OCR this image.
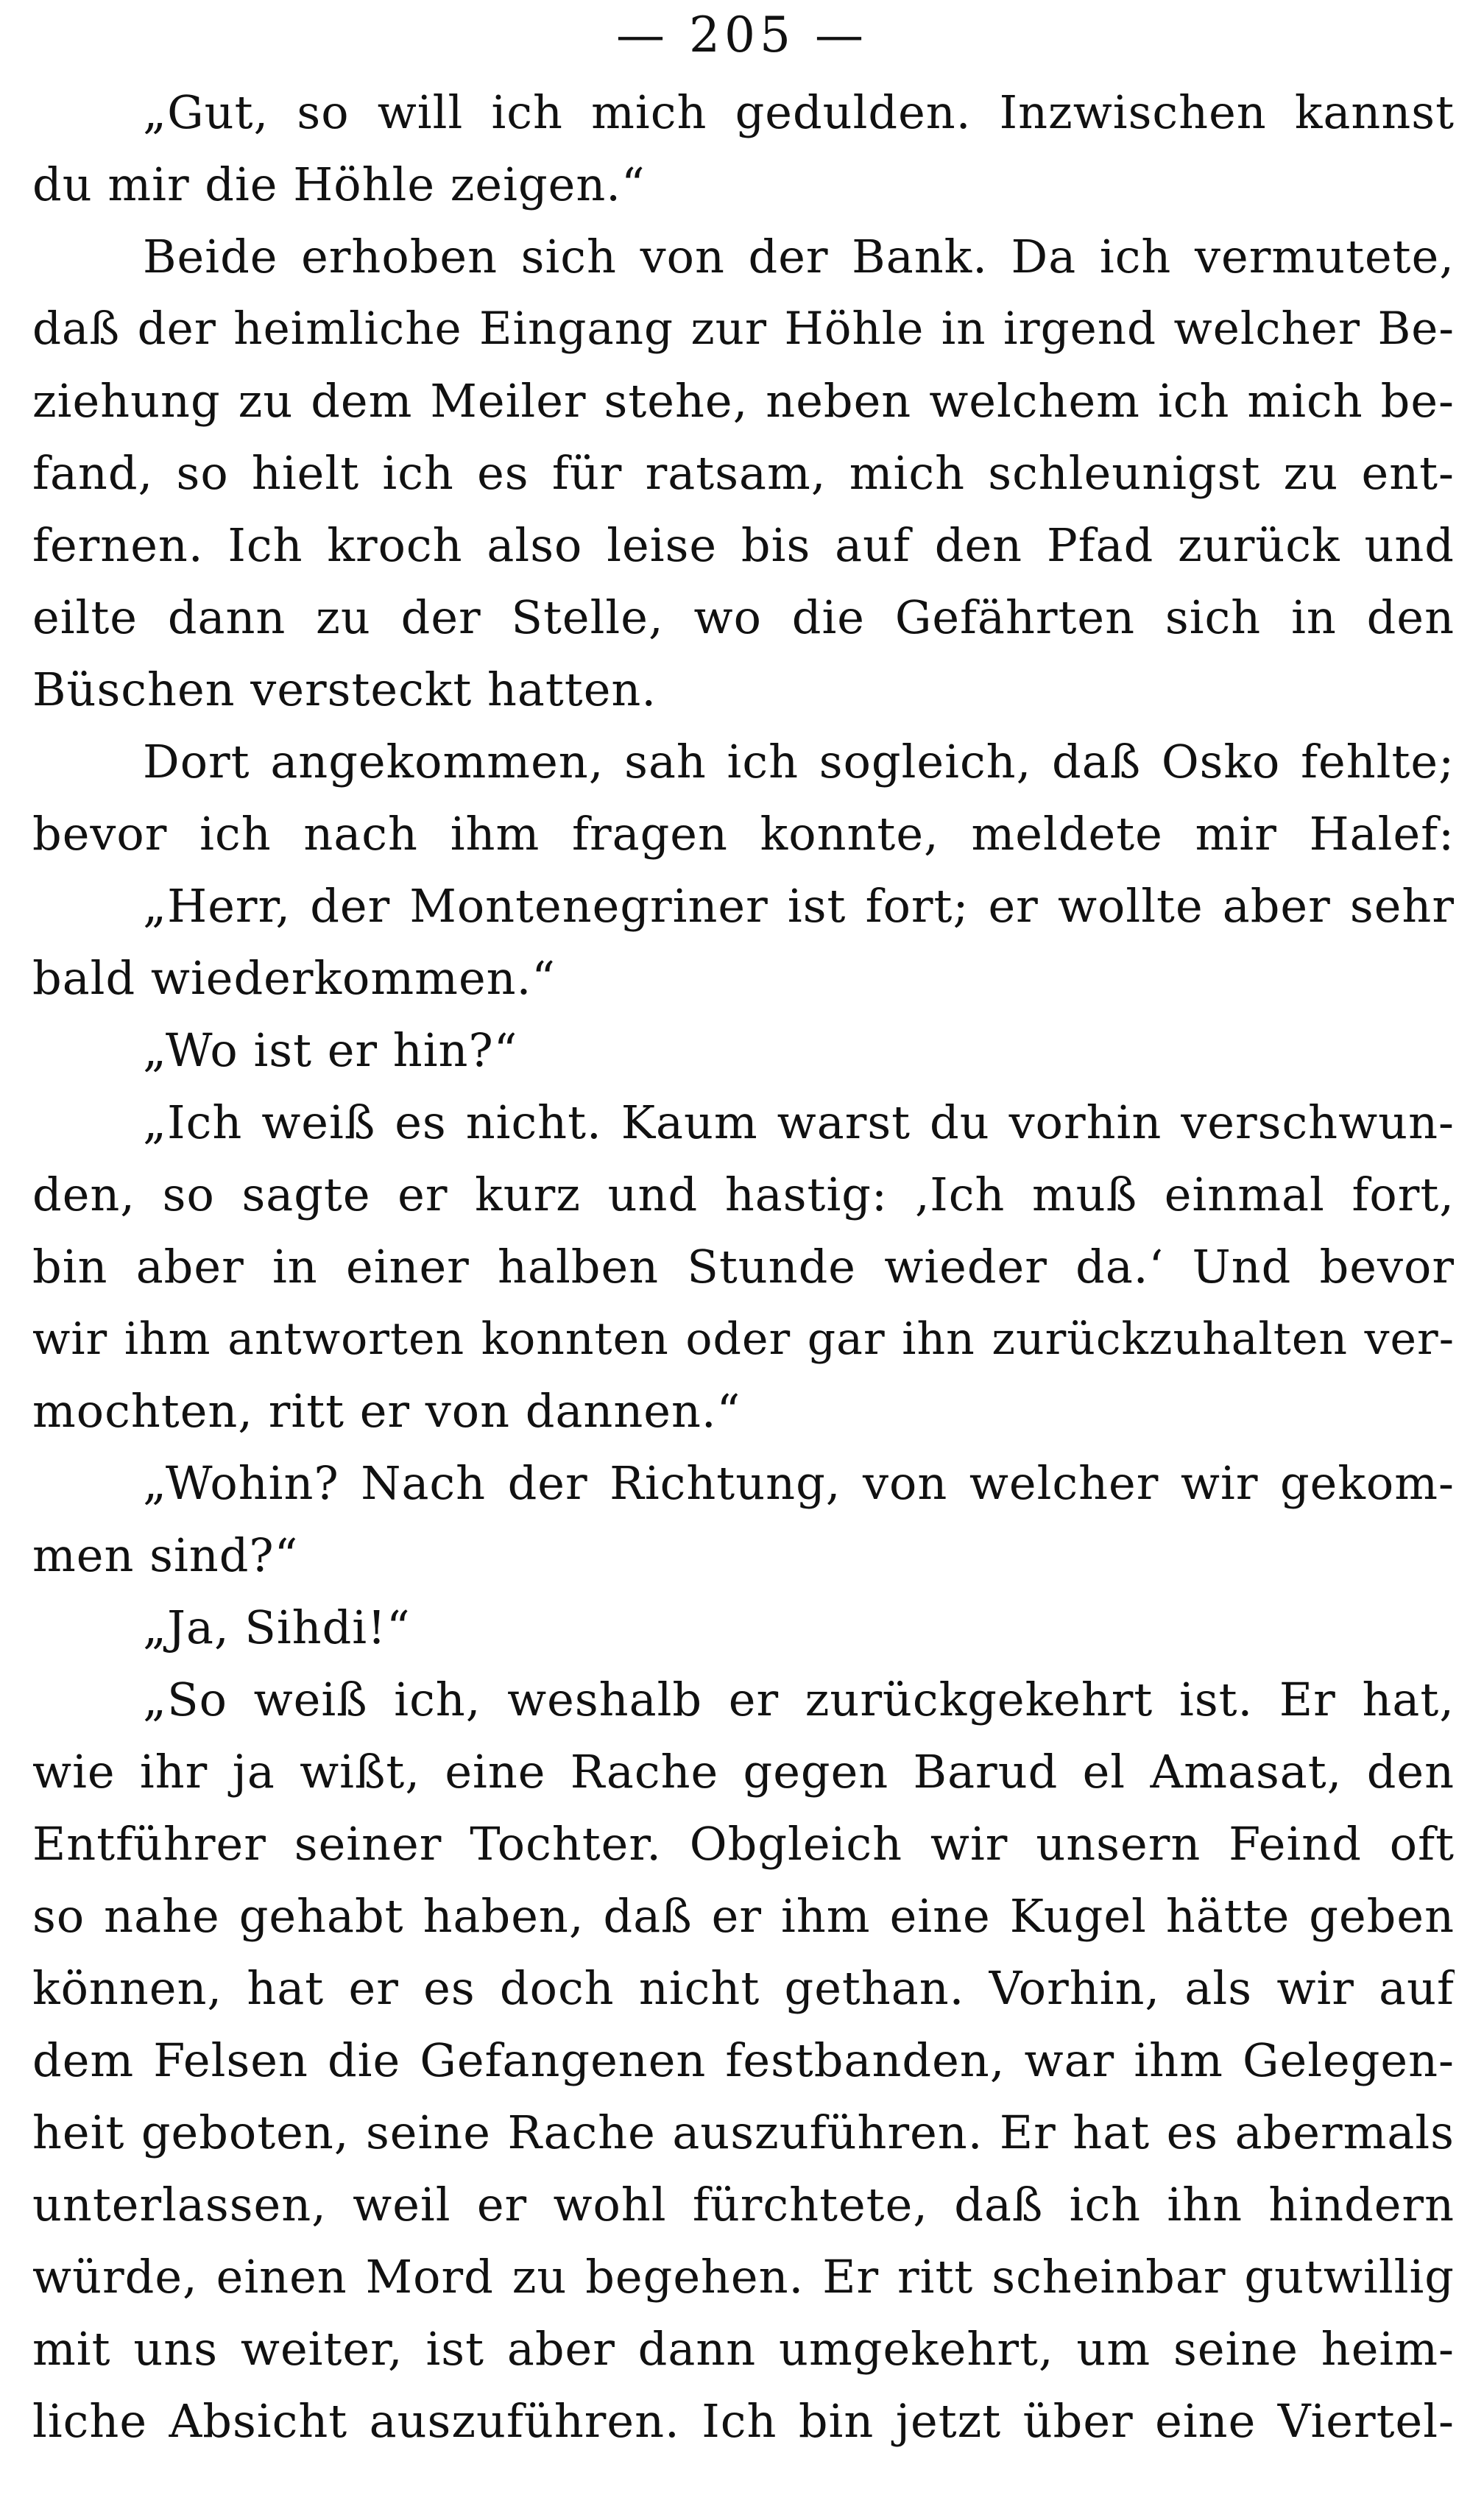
— 205 —
„Gut, so will ich mich gedulden. Inzwischen kannst
du mir die Höhle zeigen.“
Beide erhoben sich von der Bank. Da ich vermutete,
daß der heimliche Eingang zur Höhle in irgend welcher Be-
ziehung zu dem Meiler stehe, neben welchem ich mich be-
fand, so hielt ich es für ratsam, mich schleunigst zu ent-
fernen. Ich kroch also leise bis auf den Pfad zurück und
eilte dann zu der Stelle, wo die Gefährten sich in den
Büschen versteckt hatten.
Dort angekommen, sah ich sogleich, daß Osko fehlte;
bevor ich nach ihm fragen konnte, meldete mir Halef:
„Herr, der Montenegriner ist fort; er wollte aber sehr
bald wiederkommen.“
„Wo ist er hin?“
„Ich weiß es nicht. Kaum warst du vorhin verschwun-
den, so sagte er kurz und hastig: ‚Ich muß einmal fort,
bin aber in einer halben Stunde wieder da.‘ Und bevor
wir ihm antworten konnten oder gar ihn zurückzuhalten ver-
mochten, ritt er von dannen.“
„Wohin? Nach der Richtung, von welcher wir gekom-
men sind?“
„Ja, Sihdi!“
„So weiß ich, weshalb er zurückgekehrt ist. Er hat,
wie ihr ja wißt, eine Rache gegen Barud el Amasat, den
Entführer seiner Tochter. Obgleich wir unsern Feind oft
so nahe gehabt haben, daß er ihm eine Kugel hätte geben
können, hat er es doch nicht gethan. Vorhin, als wir auf
dem Felsen die Gefangenen festbanden, war ihm Gelegen-
heit geboten, seine Rache auszuführen. Er hat es abermals
unterlassen, weil er wohl fürchtete, daß ich ihn hindern
würde, einen Mord zu begehen. Er ritt scheinbar gutwillig
mit uns weiter, ist aber dann umgekehrt, um seine heim-
liche Absicht auszuführen. Ich bin jetzt über eine Viertel-
